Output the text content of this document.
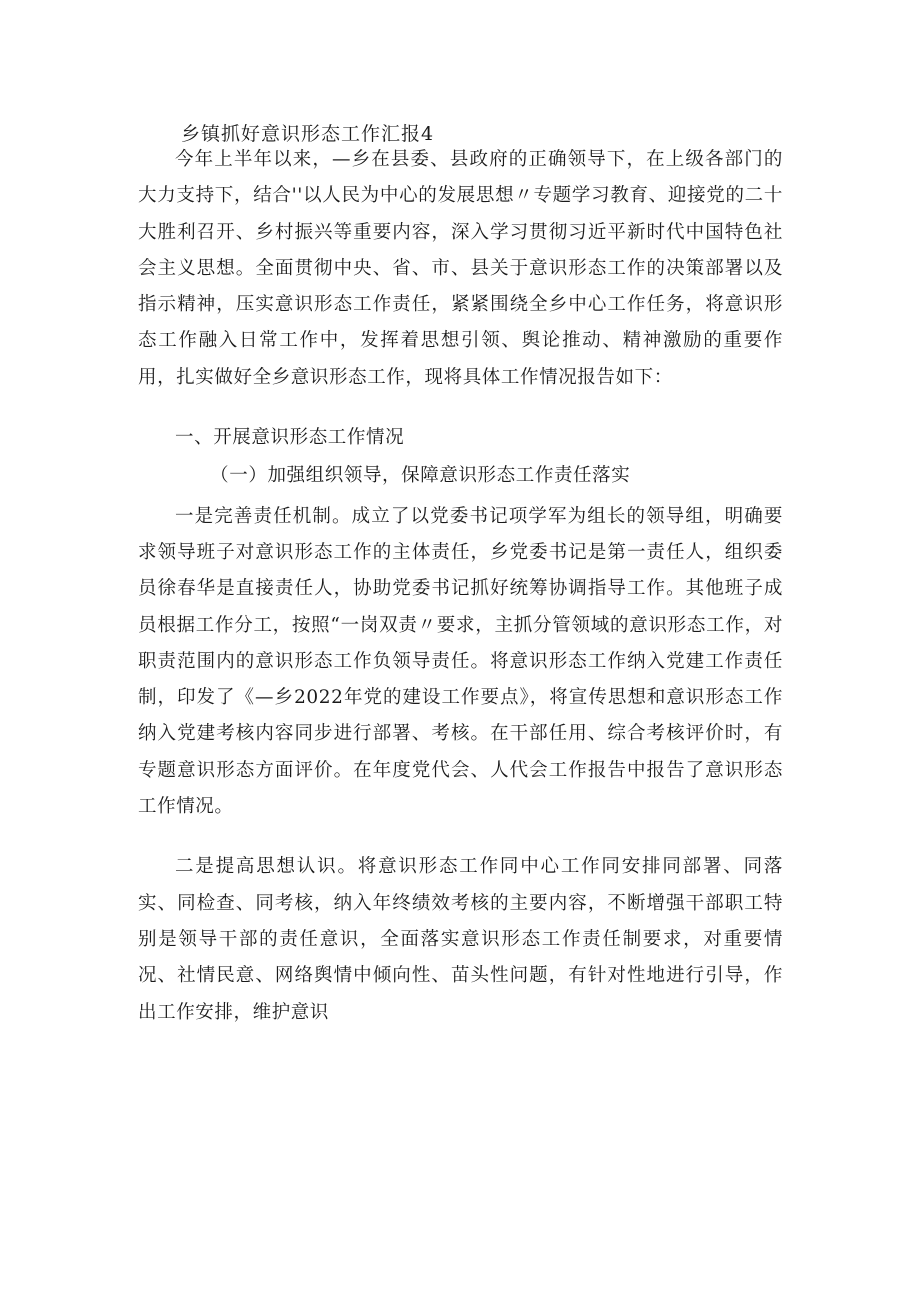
乡镇抓好意识形态工作汇报4

今年上半年以来，—乡在县委、县政府的正确领导下，在上级各部门的大力支持下，结合''以人民为中心的发展思想〃专题学习教育、迎接党的二十大胜利召开、乡村振兴等重要内容，深入学习贯彻习近平新时代中国特色社会主义思想。全面贯彻中央、省、市、县关于意识形态工作的决策部署以及指示精神，压实意识形态工作责任，紧紧围绕全乡中心工作任务，将意识形态工作融入日常工作中，发挥着思想引领、舆论推动、精神激励的重要作用，扎实做好全乡意识形态工作，现将具体工作情况报告如下：

一、开展意识形态工作情况

（一）加强组织领导，保障意识形态工作责任落实

一是完善责任机制。成立了以党委书记项学军为组长的领导组，明确要求领导班子对意识形态工作的主体责任，乡党委书记是第一责任人，组织委员徐春华是直接责任人，协助党委书记抓好统筹协调指导工作。其他班子成员根据工作分工，按照“一岗双责〃要求，主抓分管领域的意识形态工作，对职责范围内的意识形态工作负领导责任。将意识形态工作纳入党建工作责任制，印发了《—乡2022年党的建设工作要点》，将宣传思想和意识形态工作纳入党建考核内容同步进行部署、考核。在干部任用、综合考核评价时，有专题意识形态方面评价。在年度党代会、人代会工作报告中报告了意识形态工作情况。

二是提高思想认识。将意识形态工作同中心工作同安排同部署、同落实、同检查、同考核，纳入年终绩效考核的主要内容，不断增强干部职工特别是领导干部的责任意识，全面落实意识形态工作责任制要求，对重要情况、社情民意、网络舆情中倾向性、苗头性问题，有针对性地进行引导，作出工作安排，维护意识
